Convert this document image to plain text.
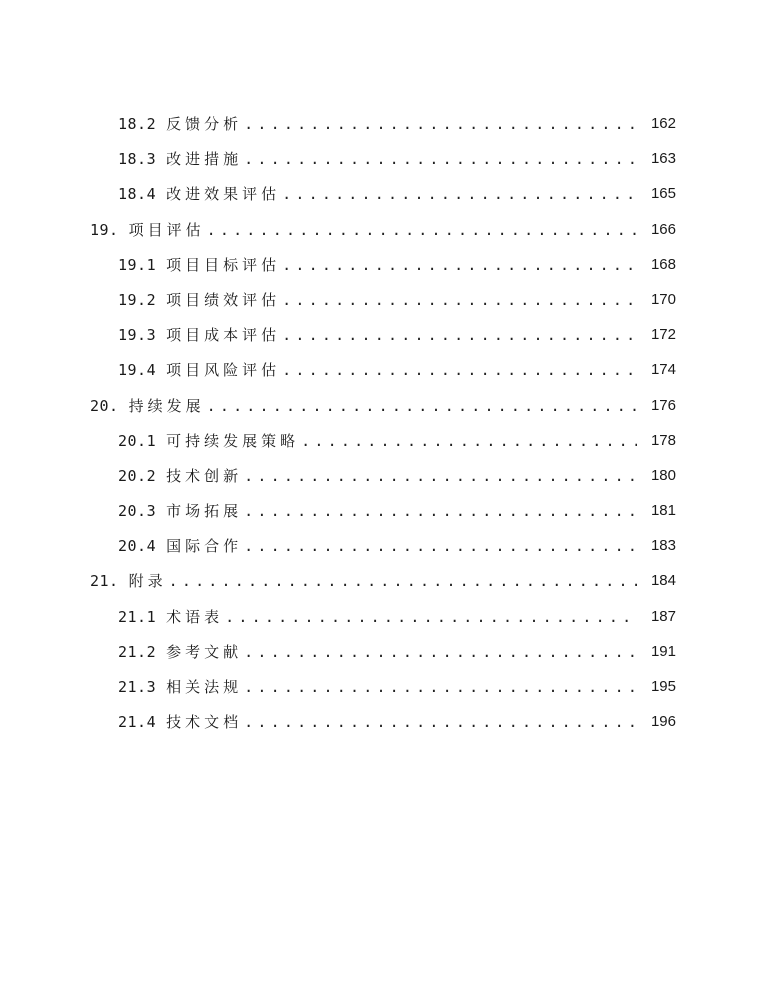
18.2 反馈分析 .....	162
18.3 改进措施 .....	163
18.4 改进效果评估 .....	165
19. 项目评估 .....	166
19.1 项目目标评估 .....	168
19.2 项目绩效评估 .....	170
19.3 项目成本评估 .....	172
19.4 项目风险评估 .....	174
20. 持续发展 .....	176
20.1 可持续发展策略 .....	178
20.2 技术创新 .....	180
20.3 市场拓展 .....	181
20.4 国际合作 .....	183
21. 附录 .....	184
21.1 术语表 .....	187
21.2 参考文献 .....	191
21.3 相关法规 .....	195
21.4 技术文档 .....	196
